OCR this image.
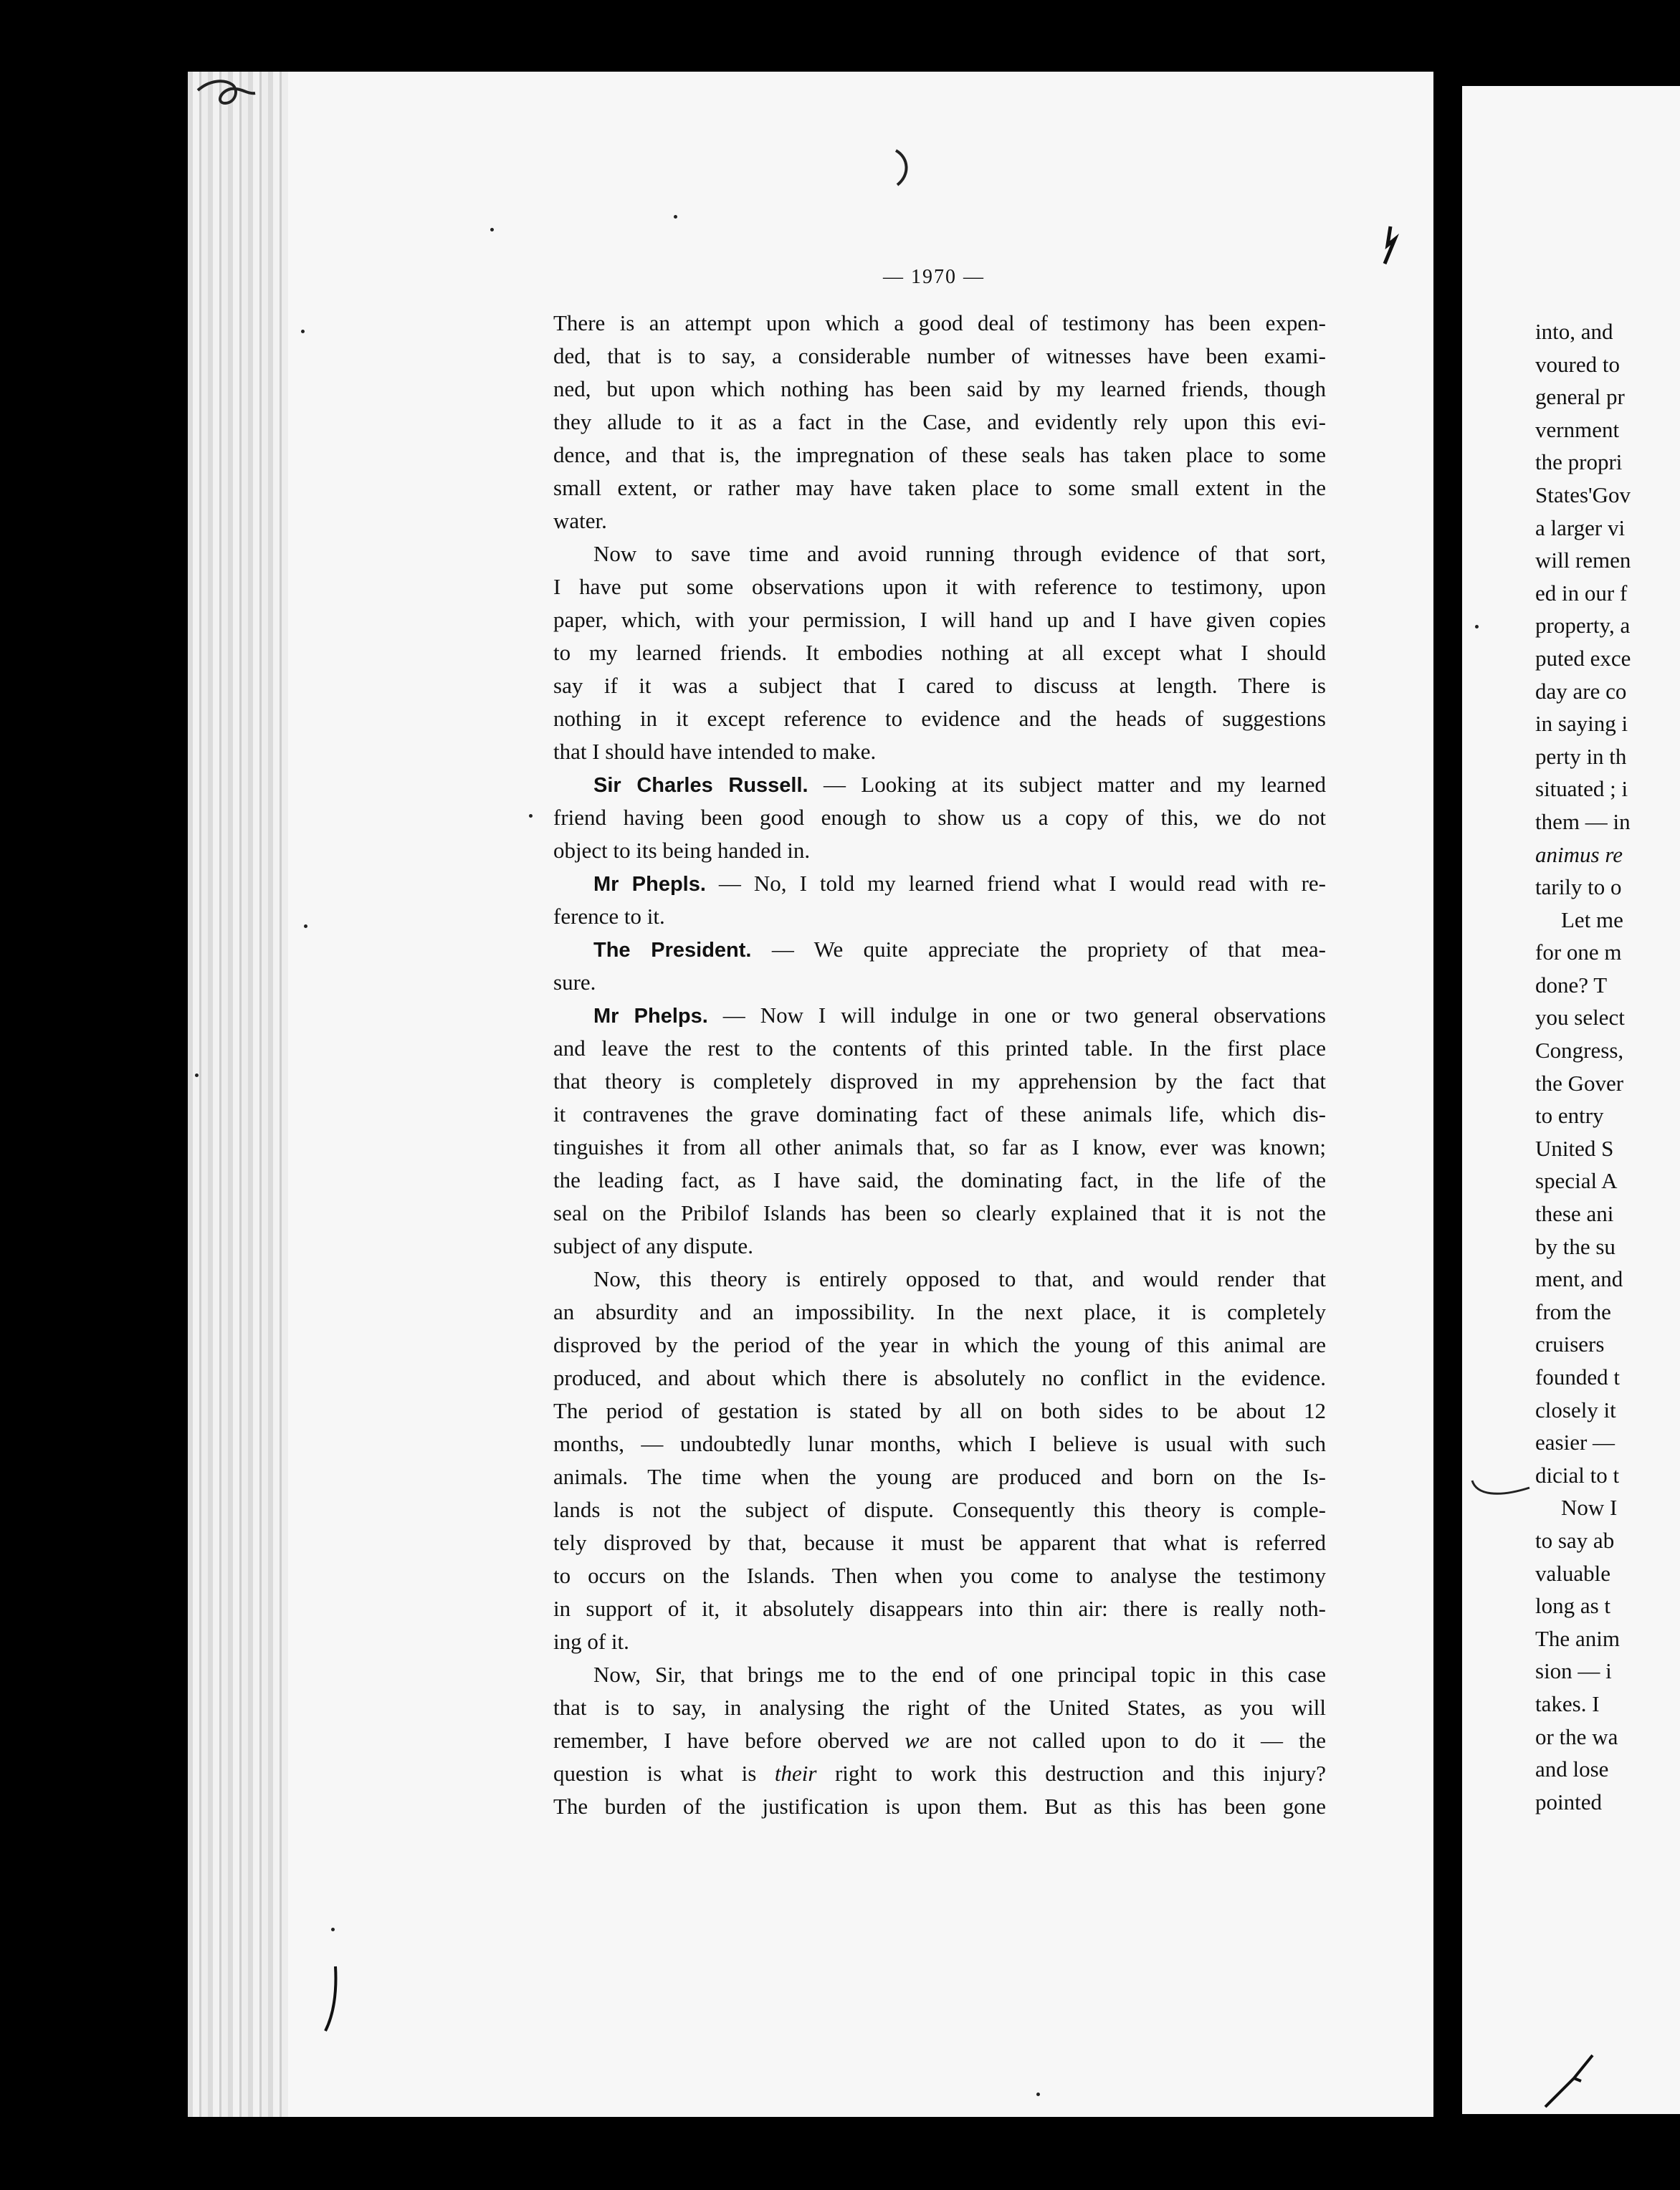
— 1970 —
There is an attempt upon which a good deal of testimony has been expen-
ded, that is to say, a considerable number of witnesses have been exami-
ned, but upon which nothing has been said by my learned friends, though
they allude to it as a fact in the Case, and evidently rely upon this evi-
dence, and that is, the impregnation of these seals has taken place to some
small extent, or rather may have taken place to some small extent in the
water.
Now to save time and avoid running through evidence of that sort,
I have put some observations upon it with reference to testimony, upon
paper, which, with your permission, I will hand up and I have given copies
to my learned friends. It embodies nothing at all except what I should
say if it was a subject that I cared to discuss at length. There is
nothing in it except reference to evidence and the heads of suggestions
that I should have intended to make.
Sir Charles Russell. — Looking at its subject matter and my learned
friend having been good enough to show us a copy of this, we do not
object to its being handed in.
Mr Phepls. — No, I told my learned friend what I would read with re-
ference to it.
The President. — We quite appreciate the propriety of that mea-
sure.
Mr Phelps. — Now I will indulge in one or two general observations
and leave the rest to the contents of this printed table. In the first place
that theory is completely disproved in my apprehension by the fact that
it contravenes the grave dominating fact of these animals life, which dis-
tinguishes it from all other animals that, so far as I know, ever was known;
the leading fact, as I have said, the dominating fact, in the life of the
seal on the Pribilof Islands has been so clearly explained that it is not the
subject of any dispute.
Now, this theory is entirely opposed to that, and would render that
an absurdity and an impossibility. In the next place, it is completely
disproved by the period of the year in which the young of this animal are
produced, and about which there is absolutely no conflict in the evidence.
The period of gestation is stated by all on both sides to be about 12
months, — undoubtedly lunar months, which I believe is usual with such
animals. The time when the young are produced and born on the Is-
lands is not the subject of dispute. Consequently this theory is comple-
tely disproved by that, because it must be apparent that what is referred
to occurs on the Islands. Then when you come to analyse the testimony
in support of it, it absolutely disappears into thin air: there is really noth-
ing of it.
Now, Sir, that brings me to the end of one principal topic in this case
that is to say, in analysing the right of the United States, as you will
remember, I have before oberved we are not called upon to do it — the
question is what is their right to work this destruction and this injury?
The burden of the justification is upon them. But as this has been gone
into, and
voured to
general pr
vernment
the propri
States'Gov
a larger vi
will remen
ed in our f
property, a
puted exce
day are co
in saying i
perty in th
situated ; i
them — in
animus re
tarily to o
Let me
for one m
done? T
you select
Congress,
the Gover
to entry
United S
special A
these ani
by the su
ment, and
from the
cruisers
founded t
closely it
easier —
dicial to t
Now I
to say ab
valuable
long as t
The anim
sion — i
takes. I
or the wa
and lose
pointed
